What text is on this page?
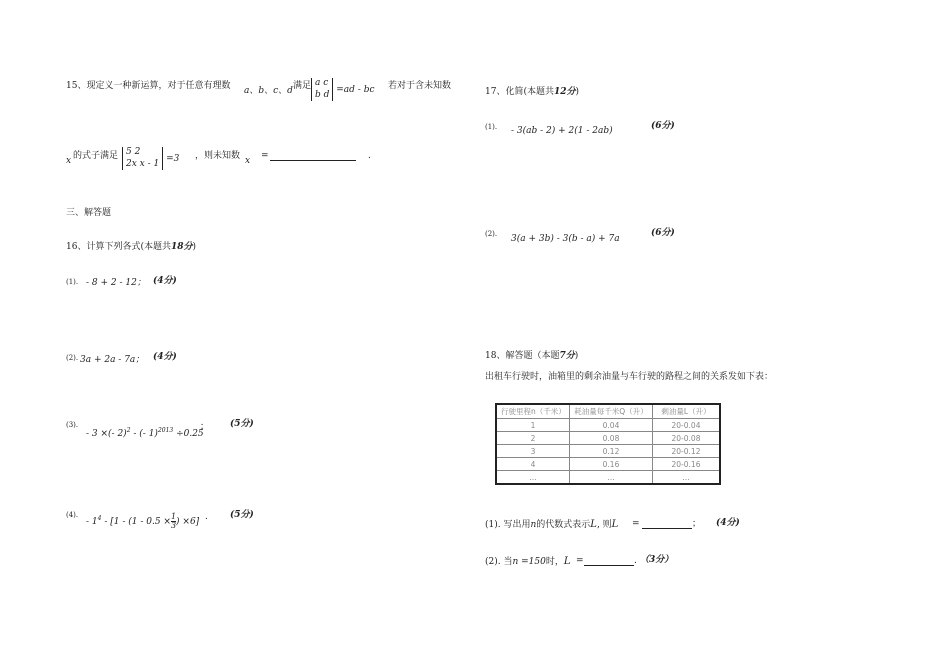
15、现定义一种新运算，对于任意有理数 a、b、c、d 满足 a c
b d =ad - bc 若对于含未知数
x 的式子满足 5 2
2x x - 1 =3 ，则未知数 x =	.
三、解答题
16、计算下列各式(本题共18分)
(1). - 8 + 2 - 12； (4分)
(2). 3a + 2a - 7a； (4分)
(3).
- 3 ×(- 2)$^2$ - (- 1)$^{2013}$ ÷0.25
； (5分)
(4).
- $1^4 - [1 - (1 - 0.5 \times \frac{1}{3}$ ) ×6] . (5分)
17、化简(本题共12分)
(1). - 3(ab - 2) + 2(1 - 2ab)	(6分)
(2). 3(a + 3b) - 3(b - a) + 7a
(6分)
18、解答题（本题7分)
出租车行驶时，油箱里的剩余油量与车行驶的路程之间的关系发如下表：
行驶里程n（千米）	耗油量每千米Q（升）	剩油量L（升）
1	0.04	20-0.04
2	0.08	20-0.08
3	0.12	20-0.12
4	0.16	20-0.16
…	…	…
(1). 写出用n的代数式表示L, 则L =	； (4分)
(2). 当n =150时，L =	. （3分）
